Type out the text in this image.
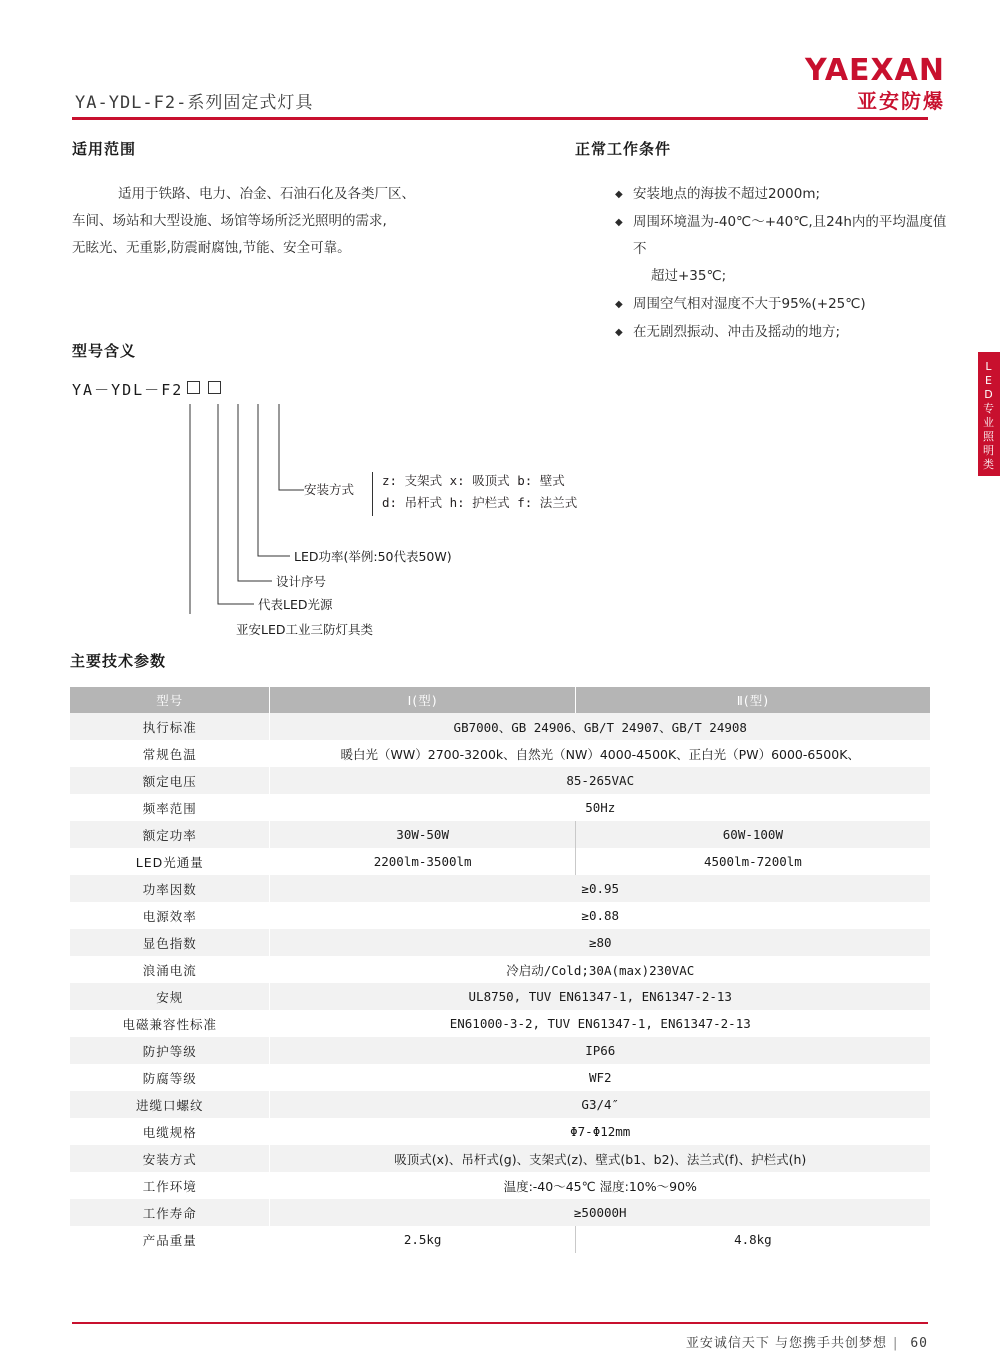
YAEXAN
亚安防爆
YA-YDL-F2-系列固定式灯具
LED专业照明类
适用范围
适用于铁路、电力、冶金、石油石化及各类厂区、
车间、场站和大型设施、场馆等场所泛光照明的需求,
无眩光、无重影,防震耐腐蚀,节能、安全可靠。
正常工作条件
◆ 安装地点的海拔不超过2000m;
◆ 周围环境温为-40℃～+40℃,且24h内的平均温度值不
超过+35℃;
◆ 周围空气相对湿度不大于95%(+25℃)
◆ 在无剧烈振动、冲击及摇动的地方;
型号含义
YA－YDL－F2
安装方式
z: 支架式 x: 吸顶式 b: 壁式
d: 吊杆式 h: 护栏式 f: 法兰式
LED功率(举例:50代表50W)
设计序号
代表LED光源
亚安LED工业三防灯具类
主要技术参数
型号	Ⅰ(型)	Ⅱ(型)
执行标准	GB7000、GB 24906、GB/T 24907、GB/T 24908	
常规色温	暖白光（WW）2700-3200k、自然光（NW）4000-4500K、正白光（PW）6000-6500K、	
额定电压	85-265VAC	
频率范围	50Hz	
额定功率	30W-50W	60W-100W
LED光通量	2200lm-3500lm	4500lm-7200lm
功率因数	≥0.95	
电源效率	≥0.88	
显色指数	≥80	
浪涌电流	冷启动/Cold;30A(max)230VAC	
安规	UL8750, TUV EN61347-1, EN61347-2-13	
电磁兼容性标准	EN61000-3-2, TUV EN61347-1, EN61347-2-13	
防护等级	IP66	
防腐等级	WF2	
进缆口螺纹	G3/4″	
电缆规格	Φ7-Φ12mm	
安装方式	吸顶式(x)、吊杆式(g)、支架式(z)、壁式(b1、b2)、法兰式(f)、护栏式(h)	
工作环境	温度:-40～45℃ 湿度:10%～90%	
工作寿命	≥50000H	
产品重量	2.5kg	4.8kg
亚安诚信天下 与您携手共创梦想 | 60
